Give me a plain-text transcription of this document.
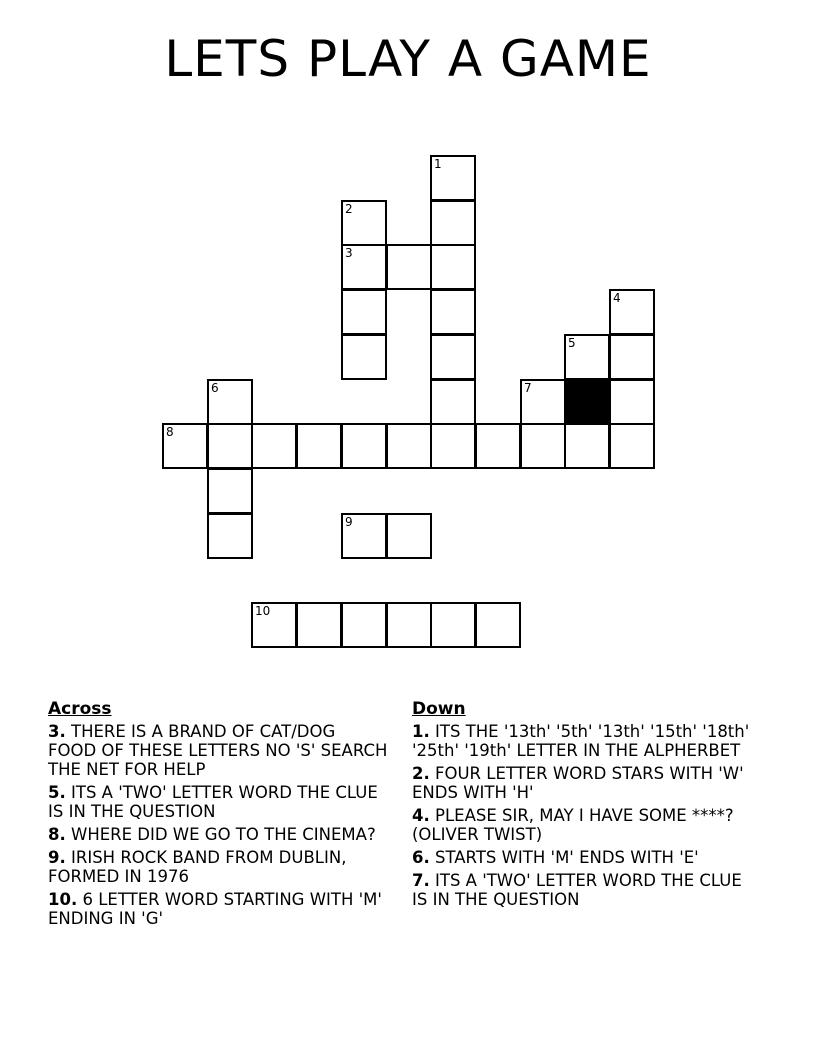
LETS PLAY A GAME
1
2
3
4
5
6	7
8
9
10
Across
3. THERE IS A BRAND OF CAT/DOG FOOD OF THESE LETTERS NO 'S' SEARCH THE NET FOR HELP
5. ITS A 'TWO' LETTER WORD THE CLUE IS IN THE QUESTION
8. WHERE DID WE GO TO THE CINEMA?
9. IRISH ROCK BAND FROM DUBLIN, FORMED IN 1976
10. 6 LETTER WORD STARTING WITH 'M' ENDING IN 'G'
Down
1. ITS THE '13th' '5th' '13th' '15th' '18th' '25th' '19th' LETTER IN THE ALPHERBET
2. FOUR LETTER WORD STARS WITH 'W' ENDS WITH 'H'
4. PLEASE SIR, MAY I HAVE SOME ****? (OLIVER TWIST)
6. STARTS WITH 'M' ENDS WITH 'E'
7. ITS A 'TWO' LETTER WORD THE CLUE IS IN THE QUESTION
